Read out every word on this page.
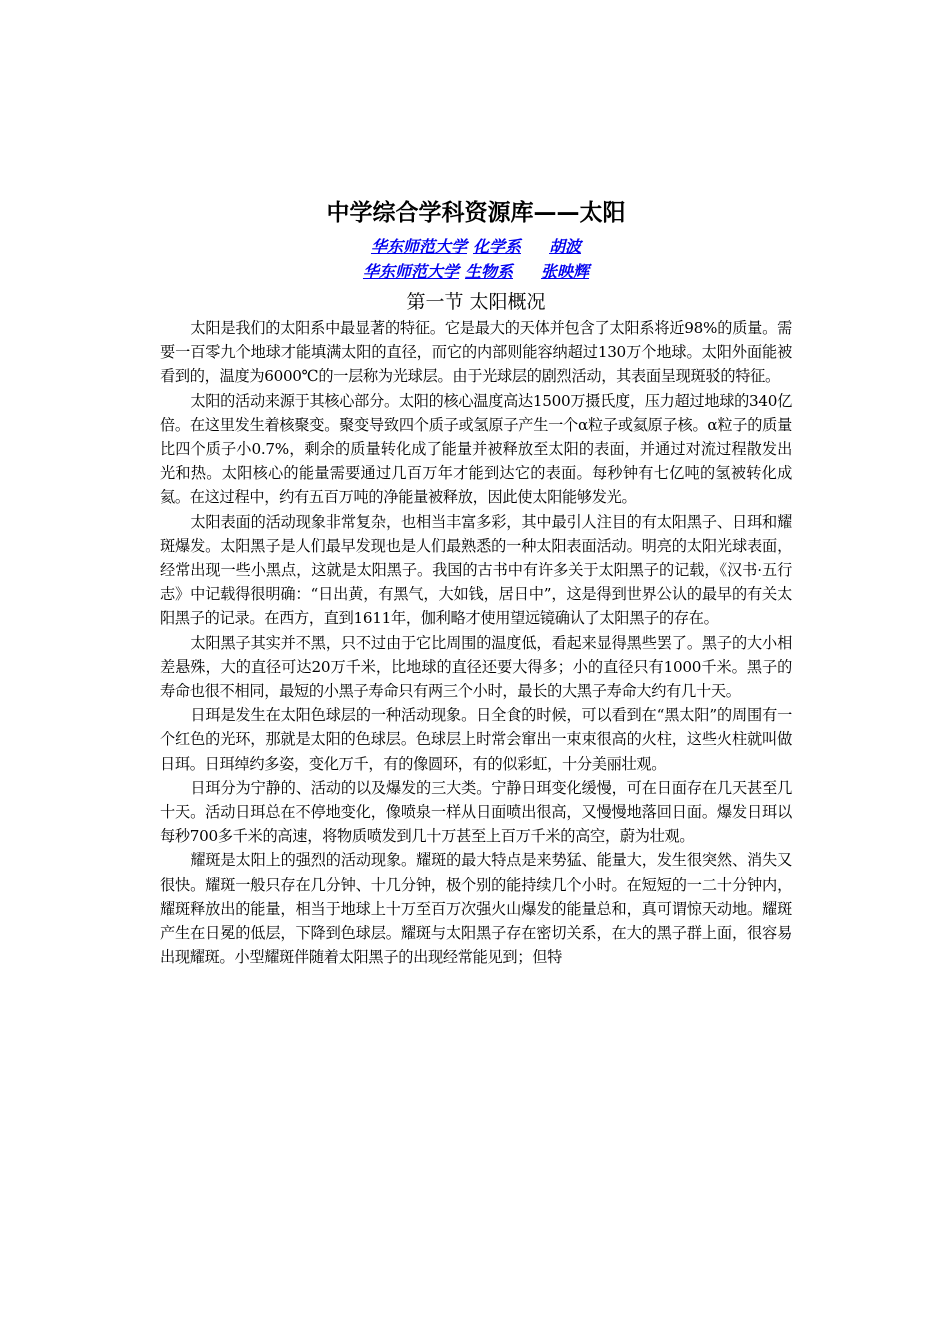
中学综合学科资源库——太阳
华东师范大学 化学系 胡波
华东师范大学 生物系 张映辉
第一节 太阳概况

太阳是我们的太阳系中最显著的特征。它是最大的天体并包含了太阳系将近98%的质量。需要一百零九个地球才能填满太阳的直径，而它的内部则能容纳超过130万个地球。太阳外面能被看到的，温度为6000℃的一层称为光球层。由于光球层的剧烈活动，其表面呈现斑驳的特征。

太阳的活动来源于其核心部分。太阳的核心温度高达1500万摄氏度，压力超过地球的340亿倍。在这里发生着核聚变。聚变导致四个质子或氢原子产生一个α粒子或氦原子核。α粒子的质量比四个质子小0.7%，剩余的质量转化成了能量并被释放至太阳的表面，并通过对流过程散发出光和热。太阳核心的能量需要通过几百万年才能到达它的表面。每秒钟有七亿吨的氢被转化成氦。在这过程中，约有五百万吨的净能量被释放，因此使太阳能够发光。

太阳表面的活动现象非常复杂，也相当丰富多彩，其中最引人注目的有太阳黑子、日珥和耀斑爆发。太阳黑子是人们最早发现也是人们最熟悉的一种太阳表面活动。明亮的太阳光球表面，经常出现一些小黑点，这就是太阳黑子。我国的古书中有许多关于太阳黑子的记载，《汉书·五行志》中记载得很明确：“日出黄，有黑气，大如钱，居日中”，这是得到世界公认的最早的有关太阳黑子的记录。在西方，直到1611年，伽利略才使用望远镜确认了太阳黑子的存在。

太阳黑子其实并不黑，只不过由于它比周围的温度低，看起来显得黑些罢了。黑子的大小相差悬殊，大的直径可达20万千米，比地球的直径还要大得多；小的直径只有1000千米。黑子的寿命也很不相同，最短的小黑子寿命只有两三个小时，最长的大黑子寿命大约有几十天。

日珥是发生在太阳色球层的一种活动现象。日全食的时候，可以看到在“黑太阳”的周围有一个红色的光环，那就是太阳的色球层。色球层上时常会窜出一束束很高的火柱，这些火柱就叫做日珥。日珥绰约多姿，变化万千，有的像圆环，有的似彩虹，十分美丽壮观。

日珥分为宁静的、活动的以及爆发的三大类。宁静日珥变化缓慢，可在日面存在几天甚至几十天。活动日珥总在不停地变化，像喷泉一样从日面喷出很高，又慢慢地落回日面。爆发日珥以每秒700多千米的高速，将物质喷发到几十万甚至上百万千米的高空，蔚为壮观。

耀斑是太阳上的强烈的活动现象。耀斑的最大特点是来势猛、能量大，发生很突然、消失又很快。耀斑一般只存在几分钟、十几分钟，极个别的能持续几个小时。在短短的一二十分钟内，耀斑释放出的能量，相当于地球上十万至百万次强火山爆发的能量总和，真可谓惊天动地。耀斑产生在日冕的低层，下降到色球层。耀斑与太阳黑子存在密切关系，在大的黑子群上面，很容易出现耀斑。小型耀斑伴随着太阳黑子的出现经常能见到；但特
